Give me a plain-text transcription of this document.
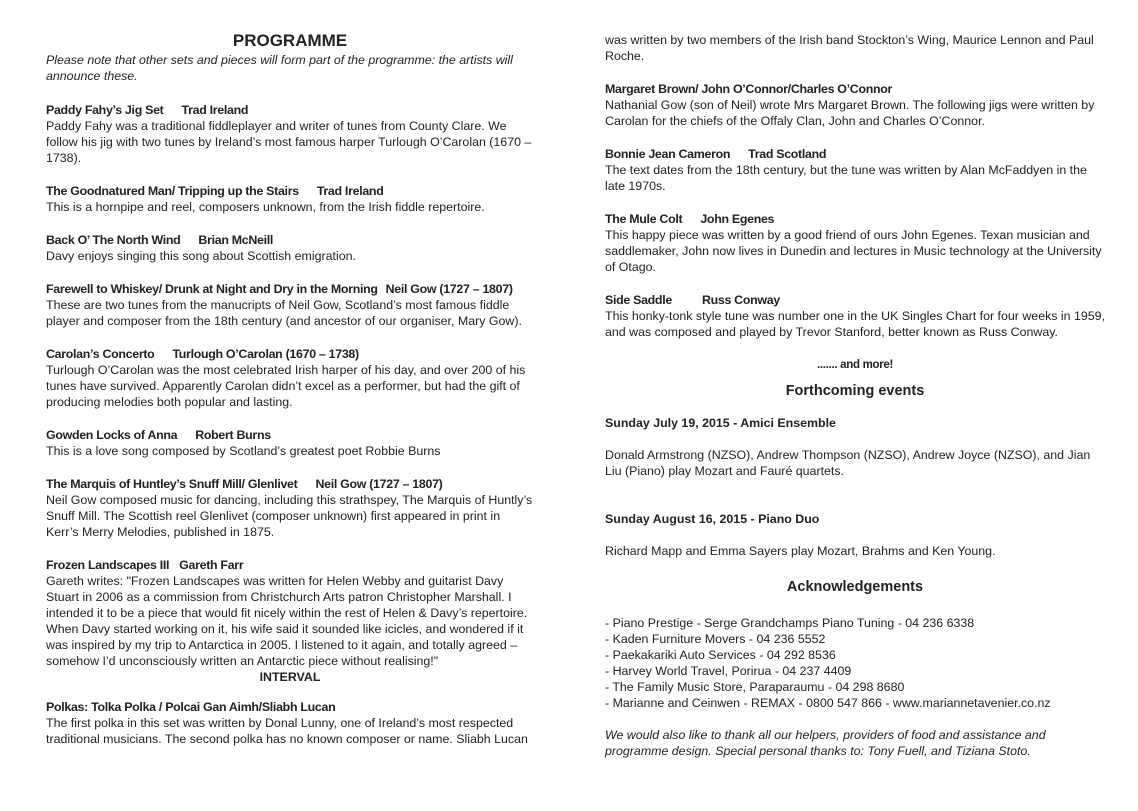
PROGRAMME

Please note that other sets and pieces will form part of the programme: the artists will announce these.

Paddy Fahy’s Jig Set Trad Ireland

Paddy Fahy was a traditional fiddleplayer and writer of tunes from County Clare. We follow his jig with two tunes by Ireland’s most famous harper Turlough O’Carolan (1670 – 1738).

The Goodnatured Man/ Tripping up the Stairs Trad Ireland

This is a hornpipe and reel, composers unknown, from the Irish fiddle repertoire.

Back O’ The North Wind Brian McNeill

Davy enjoys singing this song about Scottish emigration.

Farewell to Whiskey/ Drunk at Night and Dry in the Morning Neil Gow (1727 – 1807)

These are two tunes from the manucripts of Neil Gow, Scotland’s most famous fiddle player and composer from the 18th century (and ancestor of our organiser, Mary Gow).

Carolan’s Concerto Turlough O’Carolan (1670 – 1738)

Turlough O’Carolan was the most celebrated Irish harper of his day, and over 200 of his tunes have survived. Apparently Carolan didn’t excel as a performer, but had the gift of producing melodies both popular and lasting.

Gowden Locks of Anna Robert Burns

This is a love song composed by Scotland’s greatest poet Robbie Burns

The Marquis of Huntley’s Snuff Mill/ Glenlivet Neil Gow (1727 – 1807)

Neil Gow composed music for dancing, including this strathspey, The Marquis of Huntly’s Snuff Mill. The Scottish reel Glenlivet (composer unknown) first appeared in print in Kerr’s Merry Melodies, published in 1875.

Frozen Landscapes III Gareth Farr

Gareth writes: "Frozen Landscapes was written for Helen Webby and guitarist Davy Stuart in 2006 as a commission from Christchurch Arts patron Christopher Marshall. I intended it to be a piece that would fit nicely within the rest of Helen & Davy’s repertoire. When Davy started working on it, his wife said it sounded like icicles, and wondered if it was inspired by my trip to Antarctica in 2005. I listened to it again, and totally agreed – somehow I’d unconsciously written an Antarctic piece without realising!"

INTERVAL

Polkas: Tolka Polka / Polcai Gan Aimh/Sliabh Lucan

The first polka in this set was written by Donal Lunny, one of Ireland’s most respected traditional musicians. The second polka has no known composer or name. Sliabh Lucan

was written by two members of the Irish band Stockton’s Wing, Maurice Lennon and Paul Roche.

Margaret Brown/ John O’Connor/Charles O’Connor

Nathanial Gow (son of Neil) wrote Mrs Margaret Brown. The following jigs were written by Carolan for the chiefs of the Offaly Clan, John and Charles O’Connor.

Bonnie Jean Cameron Trad Scotland

The text dates from the 18th century, but the tune was written by Alan McFaddyen in the late 1970s.

The Mule Colt John Egenes

This happy piece was written by a good friend of ours John Egenes. Texan musician and saddlemaker, John now lives in Dunedin and lectures in Music technology at the University of Otago.

Side Saddle Russ Conway

This honky-tonk style tune was number one in the UK Singles Chart for four weeks in 1959, and was composed and played by Trevor Stanford, better known as Russ Conway.

....... and more!

Forthcoming events

Sunday July 19, 2015 - Amici Ensemble

Donald Armstrong (NZSO), Andrew Thompson (NZSO), Andrew Joyce (NZSO), and Jian Liu (Piano) play Mozart and Fauré quartets.

Sunday August 16, 2015 - Piano Duo

Richard Mapp and Emma Sayers play Mozart, Brahms and Ken Young.

Acknowledgements

- Piano Prestige - Serge Grandchamps Piano Tuning - 04 236 6338
- Kaden Furniture Movers - 04 236 5552
- Paekakariki Auto Services - 04 292 8536
- Harvey World Travel, Porirua - 04 237 4409
- The Family Music Store, Paraparaumu - 04 298 8680
- Marianne and Ceinwen - REMAX - 0800 547 866 - www.mariannetavenier.co.nz

We would also like to thank all our helpers, providers of food and assistance and programme design. Special personal thanks to: Tony Fuell, and Tiziana Stoto.
